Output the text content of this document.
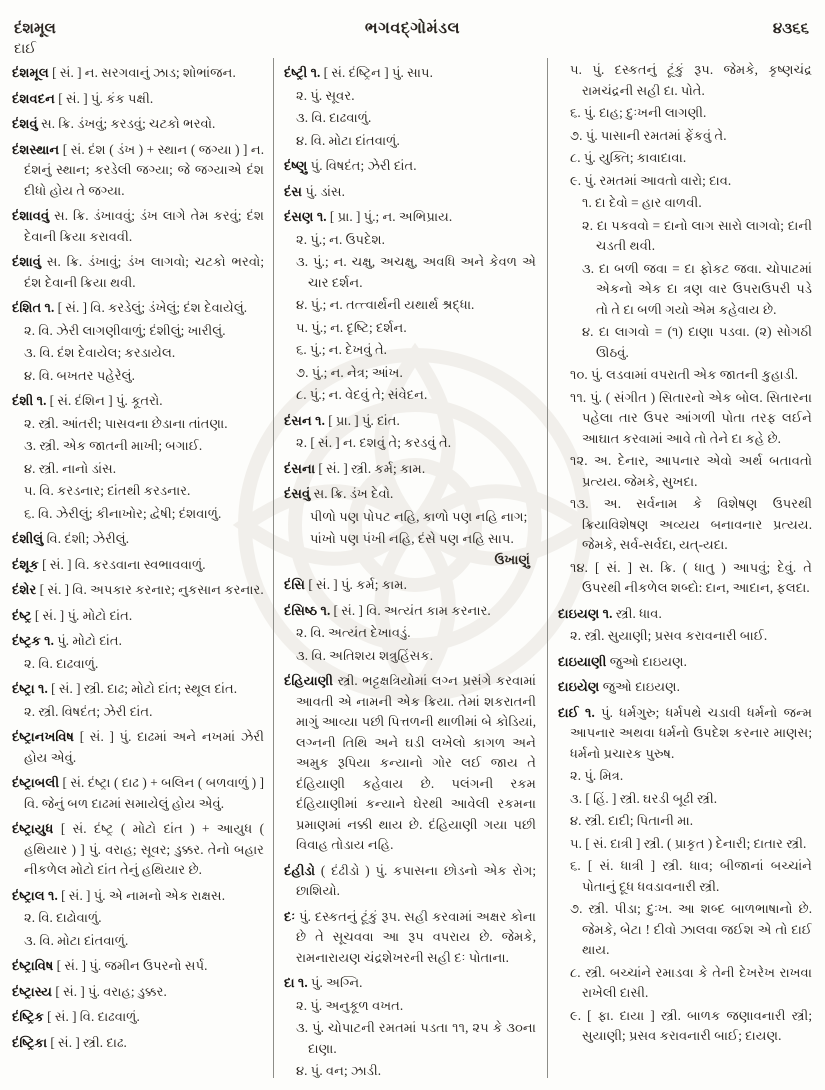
દંશમૂલ
દાઈ
ભગવદ્ગોમંડલ	૪૩૬૬

દંશમૂલ [ સં. ] ન. સરગવાનું ઝાડ; શોભાંજન.

દંશવદન [ સં. ] પું. કંક પક્ષી.

દંશવું સ. ક્રિ. ડંખવું; કરડવું; ચટકો ભરવો.

દંશસ્થાન [ સં. દંશ ( ડંખ ) + સ્થાન ( જગ્યા ) ] ન. દંશનું સ્થાન; કરડેલી જગ્યા; જે જગ્યાએ દંશ દીધો હોય તે જગ્યા.

દંશાવવું સ. ક્રિ. ડંખાવવું; ડંખ લાગે તેમ કરવું; દંશ દેવાની ક્રિયા કરાવવી.

દંશાવું સ. ક્રિ. ડંખાવું; ડંખ લાગવો; ચટકો ભરવો; દંશ દેવાની ક્રિયા થવી.

દંશિત ૧. [ સં. ] વિ. કરડેલું; ડંખેલું; દંશ દેવાયેલું.

૨. વિ. ઝેરી લાગણીવાળું; દંશીલું; ખારીલું.

૩. વિ. દંશ દેવાયેલ; કરડાયેલ.

૪. વિ. બખતર પહેરેલું.

દંશી ૧. [ સં. દંશિન ] પું. કૂતરો.

૨. સ્ત્રી. આંતરી; પાસવના છેડાના તાંતણા.

૩. સ્ત્રી. એક જાતની માખી; બગાઈ.

૪. સ્ત્રી. નાનો ડાંસ.

૫. વિ. કરડનાર; દાંતથી કરડનાર.

૬. વિ. ઝેરીલું; કીનાખોર; દ્વેષી; દંશવાળું.

દંશીલું વિ. દંશી; ઝેરીલું.

દંશૂક [ સં. ] વિ. કરડવાના સ્વભાવવાળું.

દંશેર [ સં. ] વિ. અપકાર કરનાર; નુકસાન કરનાર.

દંષ્ટ્ર [ સં. ] પું. મોટો દાંત.

દંષ્ટ્રક ૧. પું. મોટો દાંત.

૨. વિ. દાઢવાળું.

દંષ્ટ્રા ૧. [ સં. ] સ્ત્રી. દાઢ; મોટો દાંત; સ્થૂલ દાંત.

૨. સ્ત્રી. વિષદંત; ઝેરી દાંત.

દંષ્ટ્રાનખવિષ [ સં. ] પું. દાઢમાં અને નખમાં ઝેરી હોય એવું.

દંષ્ટ્રાબલી [ સં. દંષ્ટ્રા ( દાઢ ) + બલિન ( બળવાળું ) ] વિ. જેનું બળ દાઢમાં સમાયેલું હોય એવું.

દંષ્ટ્રાયુધ [ સં. દંષ્ટ્ર ( મોટો દાંત ) + આયુધ ( હથિયાર ) ] પું. વરાહ; સૂવર; ડુક્કર. તેનો બહાર નીકળેલ મોટો દાંત તેનું હથિયાર છે.

દંષ્ટ્રાલ ૧. [ સં. ] પું. એ નામનો એક રાક્ષસ.

૨. વિ. દાઢોવાળું.

૩. વિ. મોટા દાંતવાળું.

દંષ્ટ્રાવિષ [ સં. ] પું. જમીન ઉપરનો સર્પ.

દંષ્ટ્રાસ્ય [ સં. ] પું. વરાહ; ડુક્કર.

દંષ્ટ્રિક [ સં. ] વિ. દાઢવાળું.

દંષ્ટ્રિકા [ સં. ] સ્ત્રી. દાઢ.

દંષ્ટ્રી ૧. [ સં. દંષ્ટ્રિન ] પું. સાપ.

૨. પું. સૂવર.

૩. વિ. દાઢવાળું.

૪. વિ. મોટા દાંતવાળું.

દંષ્ણુ પું. વિષદંત; ઝેરી દાંત.

દંસ પું. ડાંસ.

દંસણ ૧. [ પ્રા. ] પું.; ન. અભિપ્રાય.

૨. પું.; ન. ઉપદેશ.

૩. પું.; ન. ચક્ષુ, અચક્ષુ, અવધિ અને કેવળ એ ચાર દર્શન.

૪. પું.; ન. તત્ત્વાર્થની યથાર્થ શ્રદ્ધા.

૫. પું.; ન. દૃષ્ટિ; દર્શન.

૬. પું.; ન. દેખવું તે.

૭. પું.; ન. નેત્ર; આંખ.

૮. પું.; ન. વેદવું તે; સંવેદન.

દંસન ૧. [ પ્રા. ] પું. દાંત.

૨. [ સં. ] ન. દશવું તે; કરડવું તે.

દંસના [ સં. ] સ્ત્રી. કર્મ; કામ.

દંસવું સ. ક્રિ. ડંખ દેવો.

પીળો પણ પોપટ નહિ, કાળો પણ નહિ નાગ;

પાંખો પણ પંખી નહિ, દંસે પણ નહિ સાપ.

ઉખાણું

દંસિ [ સં. ] પું. કર્મ; કામ.

દંસિષ્ઠ ૧. [ સં. ] વિ. અત્યંત કામ કરનાર.

૨. વિ. અત્યંત દેખાવડું.

૩. વિ. અતિશય શત્રુહિંસક.

દંહિયાણી સ્ત્રી. ભટ્ટક્ષત્રિયોમાં લગ્ન પ્રસંગે કરવામાં આવતી એ નામની એક ક્રિયા. તેમાં શકરાતની માગું આવ્યા પછી પિત્તળની થાળીમાં બે કોડિયાં, લગ્નની તિથિ અને ઘડી લખેલો કાગળ અને અમુક રૂપિયા કન્યાનો ગોર લઈ જાય તે દંહિયાણી કહેવાય છે. પલંગની રકમ દંહિયાણીમાં કન્યાને ઘેરથી આવેલી રકમના પ્રમાણમાં નક્કી થાય છે. દંહિયાણી ગયા પછી વિવાહ તોડાય નહિ.

દંહીડો ( દંઢીડો ) પું. કપાસના છોડનો એક રોગ; છાશિયો.

દઃ પું. દસ્કતનું ટૂંકું રૂપ. સહી કરવામાં અક્ષર કોના છે તે સૂચવવા આ રૂપ વપરાય છે. જેમકે, રામનારાયણ ચંદ્રશેખરની સહી દઃ પોતાના.

દા ૧. પું. અગ્નિ.

૨. પું. અનુકૂળ વખત.

૩. પું. ચોપાટની રમતમાં પડતા ૧૧, ૨૫ કે ૩૦ના દાણા.

૪. પું. વન; ઝાડી.

૫. પું. દસ્કતનું ટૂંકું રૂપ. જેમકે, કૃષ્ણચંદ્ર રામચંદ્રની સહી દા. પોતે.

૬. પું. દાહ; દુઃખની લાગણી.

૭. પું. પાસાની રમતમાં ફેંકવું તે.

૮. પું. યુક્તિ; કાવાદાવા.

૯. પું. રમતમાં આવતો વારો; દાવ.

૧. દા દેવો = હાર વાળવી.

૨. દા પકવવો = દાનો લાગ સારો લાગવો; દાની ચડતી થવી.

૩. દા બળી જવા = દા ફોકટ જવા. ચોપાટમાં એકનો એક દા ત્રણ વાર ઉપરાઉપરી પડે તો તે દા બળી ગયો એમ કહેવાય છે.

૪. દા લાગવો = (૧) દાણા પડવા. (૨) સોગઠી ઊઠવું.

૧૦. પું. લડવામાં વપરાતી એક જાતની કુહાડી.

૧૧. પું. ( સંગીત ) સિતારનો એક બોલ. સિતારના પહેલા તાર ઉપર આંગળી પોતા તરફ લઈને આઘાત કરવામાં આવે તો તેને દા કહે છે.

૧૨. અ. દેનાર, આપનાર એવો અર્થ બતાવતો પ્રત્યય. જેમકે, સુખદા.

૧૩. અ. સર્વનામ કે વિશેષણ ઉપરથી ક્રિયાવિશેષણ અવ્યય બનાવનાર પ્રત્યય. જેમકે, સર્વ-સર્વદા, યત્-યદા.

૧૪. [ સં. ] સ. ક્રિ. ( ધાતુ ) આપવું; દેવું. તે ઉપરથી નીકળેલ શબ્દો: દાન, આદાન, ફલદા.

દાઇયણ ૧. સ્ત્રી. ધાવ.

૨. સ્ત્રી. સુયાણી; પ્રસવ કરાવનારી બાઈ.

દાઇયાણી જુઓ દાઇયણ.

દાઇયેણ જુઓ દાઇયણ.

દાઈ ૧. પું. ધર્મગુરુ; ધર્મપથે ચડાવી ધર્મનો જન્મ આપનાર અથવા ધર્મનો ઉપદેશ કરનાર માણસ; ધર્મનો પ્રચારક પુરુષ.

૨. પું. મિત્ર.

૩. [ હિં. ] સ્ત્રી. ઘરડી બૂઢી સ્ત્રી.

૪. સ્ત્રી. દાદી; પિતાની મા.

૫. [ સં. દાત્રી ] સ્ત્રી. ( પ્રાકૃત ) દેનારી; દાતાર સ્ત્રી.

૬. [ સં. ધાત્રી ] સ્ત્રી. ધાવ; બીજાનાં બચ્ચાંને પોતાનું દૂધ ધવડાવનારી સ્ત્રી.

૭. સ્ત્રી. પીડા; દુઃખ. આ શબ્દ બાળભાષાનો છે. જેમકે, બેટા ! દીવો ઝાલવા જઈશ એ તો દાઈ થાય.

૮. સ્ત્રી. બચ્ચાંને રમાડવા કે તેની દેખરેખ રાખવા રાખેલી દાસી.

૯. [ ફા. દાયા ] સ્ત્રી. બાળક જણાવનારી સ્ત્રી; સુયાણી; પ્રસવ કરાવનારી બાઈ; દાયણ.
